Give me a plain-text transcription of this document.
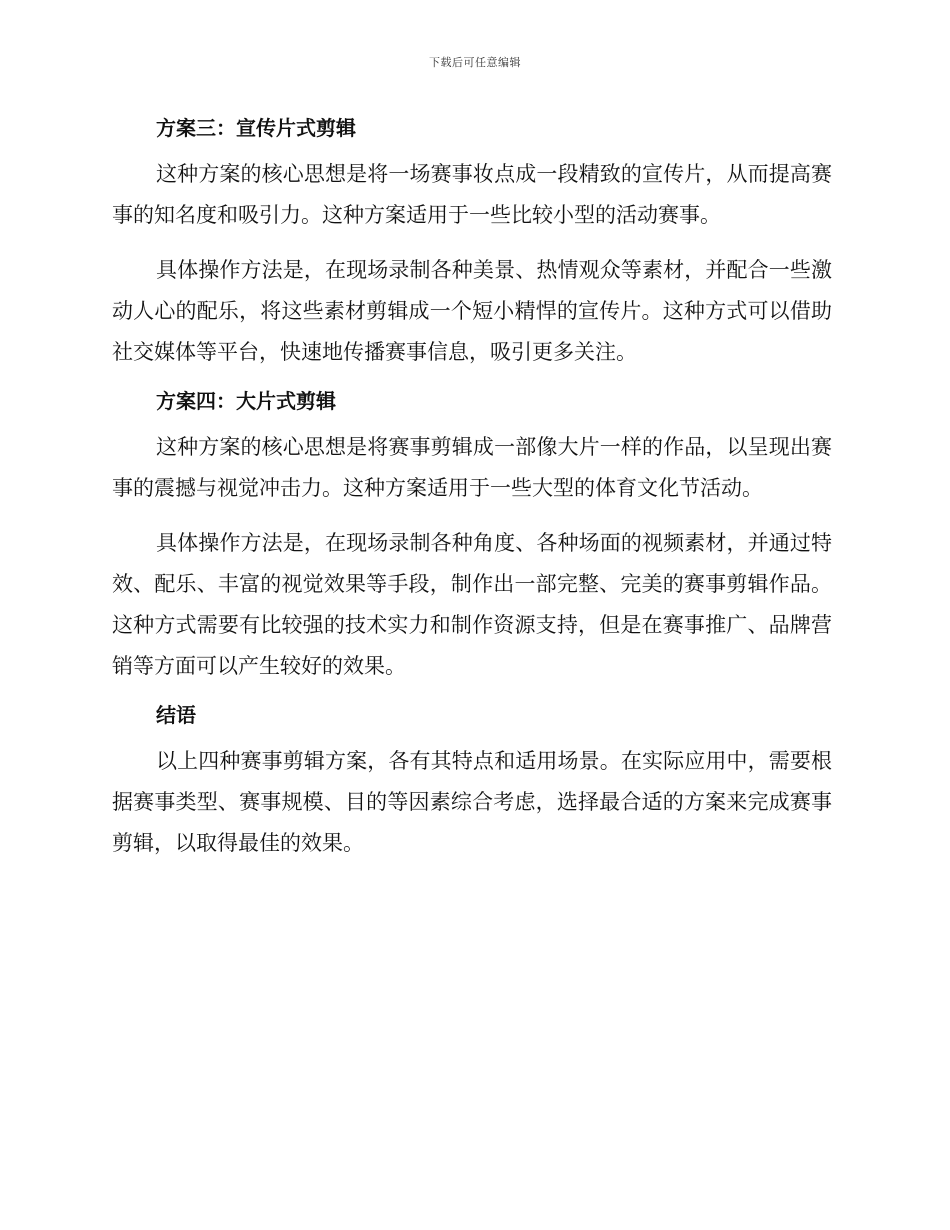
下载后可任意编辑
方案三：宣传片式剪辑

这种方案的核心思想是将一场赛事妆点成一段精致的宣传片，从而提高赛事的知名度和吸引力。这种方案适用于一些比较小型的活动赛事。

具体操作方法是，在现场录制各种美景、热情观众等素材，并配合一些激动人心的配乐，将这些素材剪辑成一个短小精悍的宣传片。这种方式可以借助社交媒体等平台，快速地传播赛事信息，吸引更多关注。

方案四：大片式剪辑

这种方案的核心思想是将赛事剪辑成一部像大片一样的作品，以呈现出赛事的震撼与视觉冲击力。这种方案适用于一些大型的体育文化节活动。

具体操作方法是，在现场录制各种角度、各种场面的视频素材，并通过特效、配乐、丰富的视觉效果等手段，制作出一部完整、完美的赛事剪辑作品。这种方式需要有比较强的技术实力和制作资源支持，但是在赛事推广、品牌营销等方面可以产生较好的效果。

结语

以上四种赛事剪辑方案，各有其特点和适用场景。在实际应用中，需要根据赛事类型、赛事规模、目的等因素综合考虑，选择最合适的方案来完成赛事剪辑，以取得最佳的效果。
